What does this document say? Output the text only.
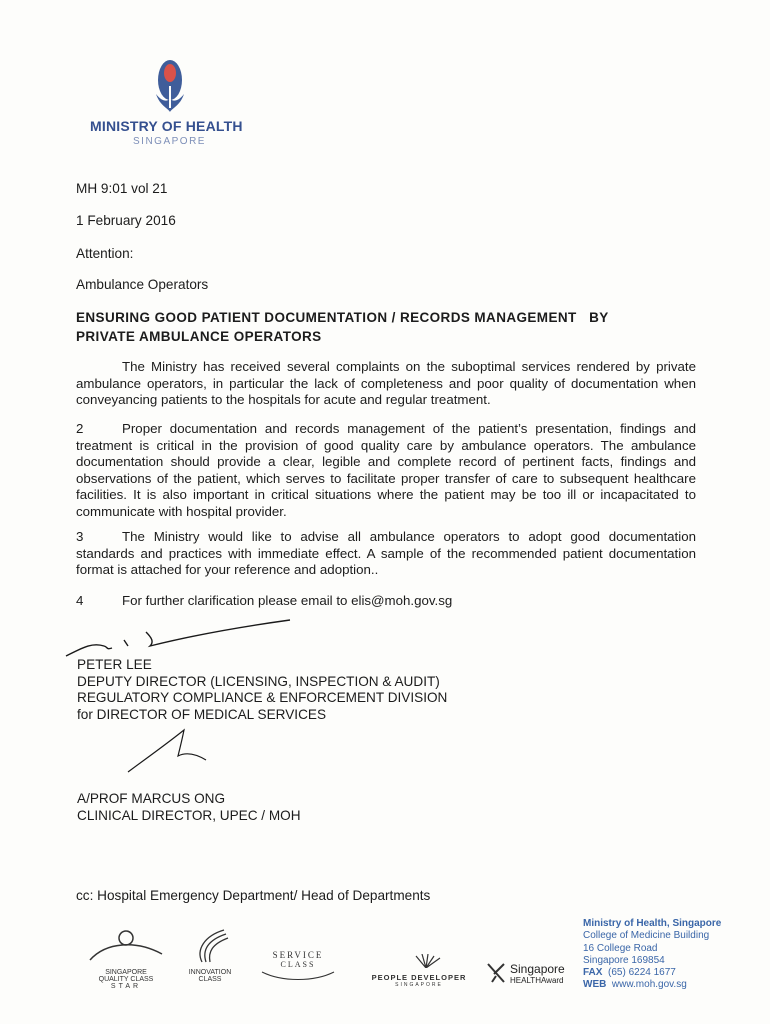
MINISTRY OF HEALTH
SINGAPORE
MH 9:01 vol 21
1 February 2016
Attention:
Ambulance Operators
ENSURING GOOD PATIENT DOCUMENTATION / RECORDS MANAGEMENT   BY
PRIVATE AMBULANCE OPERATORS
The Ministry has received several complaints on the suboptimal services rendered by private ambulance operators, in particular the lack of completeness and poor quality of documentation when conveyancing patients to the hospitals for acute and regular treatment.
2	Proper documentation and records management of the patient’s presentation, findings and treatment is critical in the provision of good quality care by ambulance operators. The ambulance documentation should provide a clear, legible and complete record of pertinent facts, findings and observations of the patient, which serves to facilitate proper transfer of care to subsequent healthcare facilities. It is also important in critical situations where the patient may be too ill or incapacitated to communicate with hospital provider.
3	The Ministry would like to advise all ambulance operators to adopt good documentation standards and practices with immediate effect. A sample of the recommended patient documentation format is attached for your reference and adoption..
4	For further clarification please email to elis@moh.gov.sg
PETER LEE
DEPUTY DIRECTOR (LICENSING, INSPECTION & AUDIT)
REGULATORY COMPLIANCE & ENFORCEMENT DIVISION
for DIRECTOR OF MEDICAL SERVICES
A/PROF MARCUS ONG
CLINICAL DIRECTOR, UPEC / MOH
cc: Hospital Emergency Department/ Head of Departments
SINGAPORE
QUALITY CLASS
STAR
INNOVATION
CLASS
SERVICE
CLASS
PEOPLE DEVELOPER
SINGAPORE
Singapore
HEALTHAward
Ministry of Health, Singapore
College of Medicine Building
16 College Road
Singapore 169854
FAX (65) 6224 1677
WEB www.moh.gov.sg
